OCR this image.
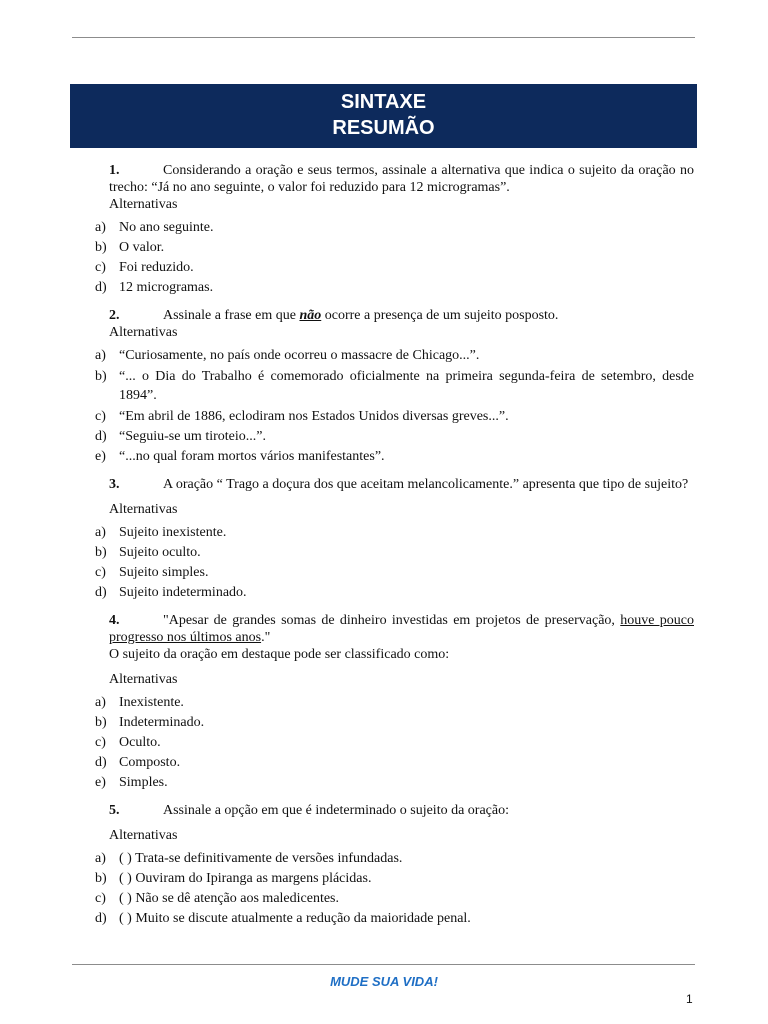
SINTAXE
RESUMÃO
1.	Considerando a oração e seus termos, assinale a alternativa que indica o sujeito da oração no trecho: “Já no ano seguinte, o valor foi reduzido para 12 microgramas”.
Alternativas
a) No ano seguinte.
b) O valor.
c) Foi reduzido.
d) 12 microgramas.
2.	Assinale a frase em que não ocorre a presença de um sujeito posposto.
Alternativas
a) “Curiosamente, no país onde ocorreu o massacre de Chicago...”.
b) “... o Dia do Trabalho é comemorado oficialmente na primeira segunda-feira de setembro, desde 1894”.
c) “Em abril de 1886, eclodiram nos Estados Unidos diversas greves...”.
d) “Seguiu-se um tiroteio...”.
e) “...no qual foram mortos vários manifestantes”.
3.	A oração “ Trago a doçura dos que aceitam melancolicamente.” apresenta que tipo de sujeito?
Alternativas
a) Sujeito inexistente.
b) Sujeito oculto.
c) Sujeito simples.
d) Sujeito indeterminado.
4.	"Apesar de grandes somas de dinheiro investidas em projetos de preservação, houve pouco progresso nos últimos anos."
O sujeito da oração em destaque pode ser classificado como:
Alternativas
a) Inexistente.
b) Indeterminado.
c) Oculto.
d) Composto.
e) Simples.
5.	Assinale a opção em que é indeterminado o sujeito da oração:
Alternativas
a) ( ) Trata-se definitivamente de versões infundadas.
b) ( ) Ouviram do Ipiranga as margens plácidas.
c) ( ) Não se dê atenção aos maledicentes.
d) ( ) Muito se discute atualmente a redução da maioridade penal.
MUDE SUA VIDA!
1
